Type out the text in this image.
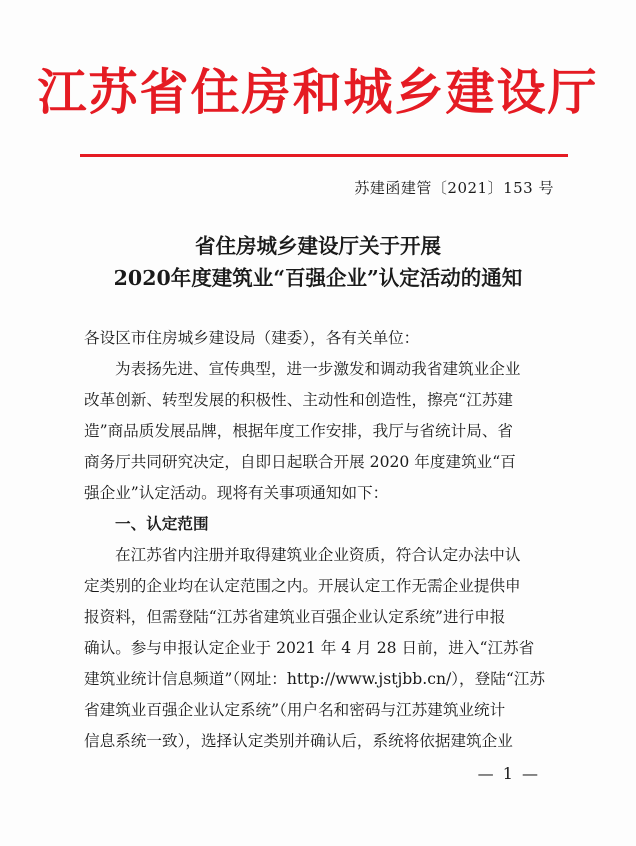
江苏省住房和城乡建设厅
苏建函建管〔2021〕153 号
省住房城乡建设厅关于开展
2020年度建筑业“百强企业”认定活动的通知
各设区市住房城乡建设局（建委），各有关单位：
为表扬先进、宣传典型，进一步激发和调动我省建筑业企业
改革创新、转型发展的积极性、主动性和创造性，擦亮“江苏建
造”商品质发展品牌，根据年度工作安排，我厅与省统计局、省
商务厅共同研究决定，自即日起联合开展 2020 年度建筑业“百
强企业”认定活动。现将有关事项通知如下：
一、认定范围
在江苏省内注册并取得建筑业企业资质，符合认定办法中认
定类别的企业均在认定范围之内。开展认定工作无需企业提供申
报资料，但需登陆“江苏省建筑业百强企业认定系统”进行申报
确认。参与申报认定企业于 2021 年 4 月 28 日前，进入“江苏省
建筑业统计信息频道”（网址：http://www.jstjbb.cn/），登陆“江苏
省建筑业百强企业认定系统”（用户名和密码与江苏建筑业统计
信息系统一致），选择认定类别并确认后，系统将依据建筑企业
— 1 —
